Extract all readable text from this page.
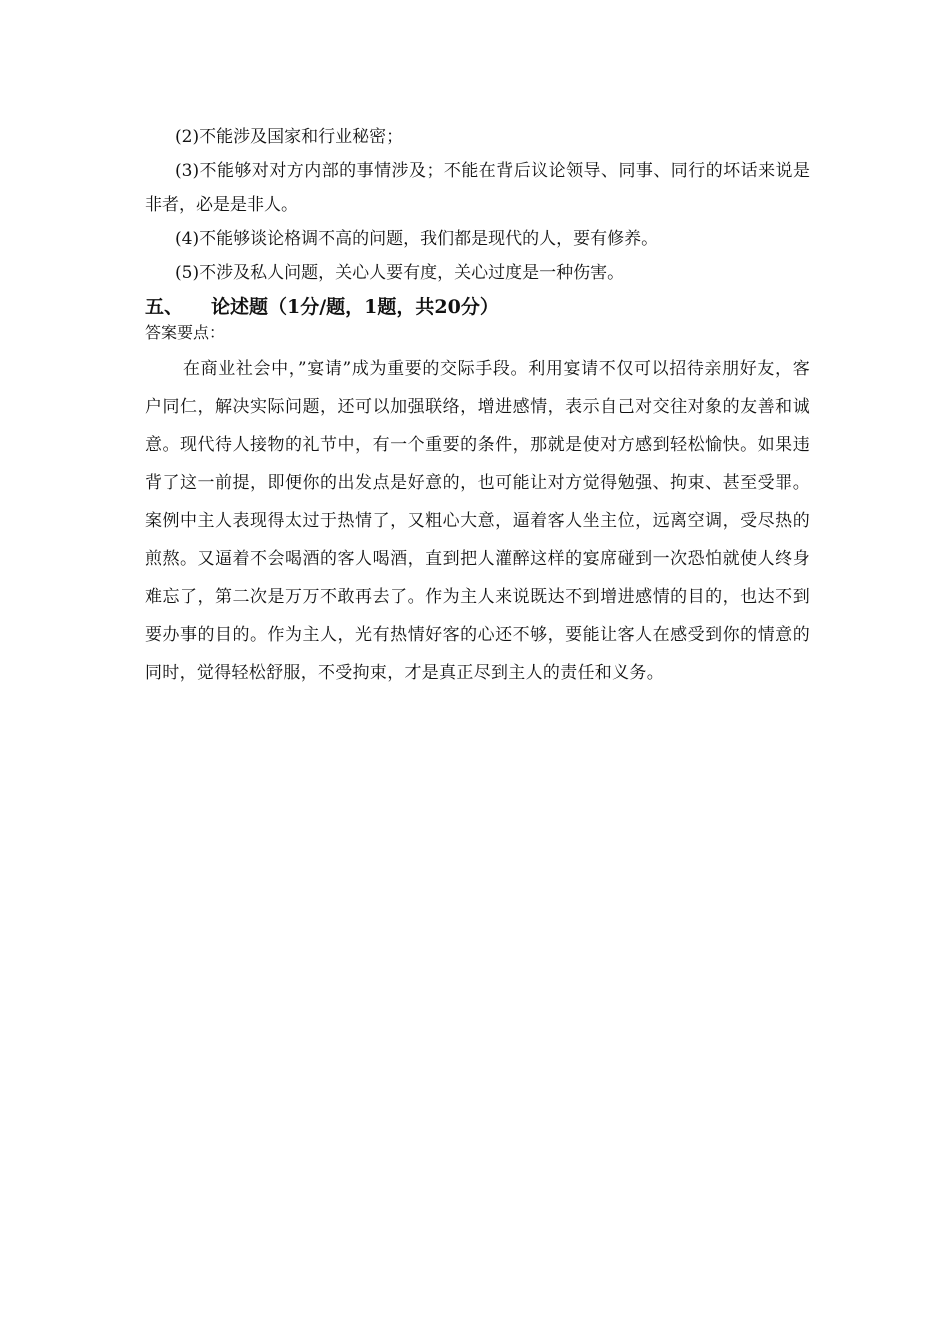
(2)不能涉及国家和行业秘密；

(3)不能够对对方内部的事情涉及；不能在背后议论领导、同事、同行的坏话来说是非者，必是是非人。

(4)不能够谈论格调不高的问题，我们都是现代的人，要有修养。

(5)不涉及私人问题，关心人要有度，关心过度是一种伤害。

五、 论述题（1分/题，1题，共20分）
答案要点：

在商业社会中，”宴请”成为重要的交际手段。利用宴请不仅可以招待亲朋好友，客户同仁，解决实际问题，还可以加强联络，增进感情，表示自己对交往对象的友善和诚意。现代待人接物的礼节中，有一个重要的条件，那就是使对方感到轻松愉快。如果违背了这一前提，即便你的出发点是好意的，也可能让对方觉得勉强、拘束、甚至受罪。案例中主人表现得太过于热情了，又粗心大意，逼着客人坐主位，远离空调，受尽热的煎熬。又逼着不会喝酒的客人喝酒，直到把人灌醉这样的宴席碰到一次恐怕就使人终身难忘了，第二次是万万不敢再去了。作为主人来说既达不到增进感情的目的，也达不到要办事的目的。作为主人，光有热情好客的心还不够，要能让客人在感受到你的情意的同时，觉得轻松舒服，不受拘束，才是真正尽到主人的责任和义务。
